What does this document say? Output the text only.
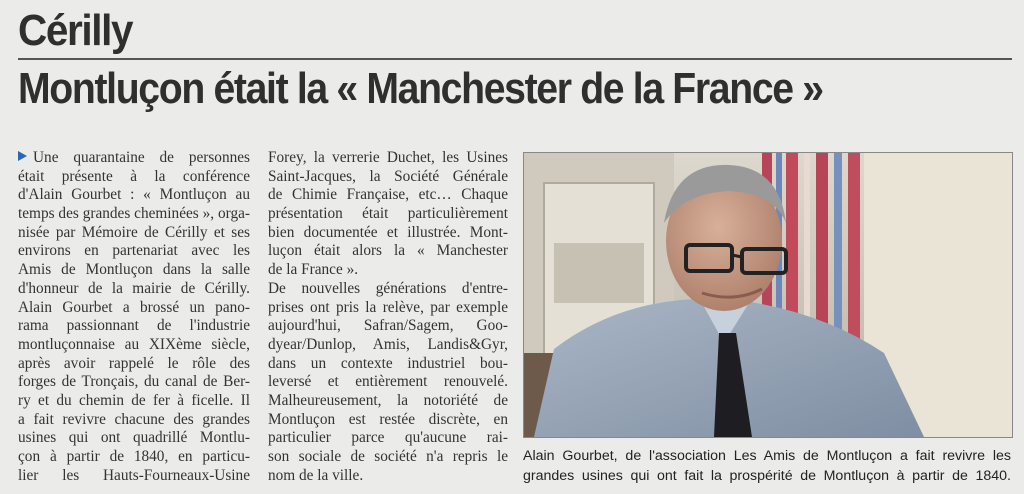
Cérilly
Montluçon était la « Manchester de la France »
Une quarantaine de personnes
était présente à la conférence
d'Alain Gourbet : « Montluçon au
temps des grandes cheminées », orga-
nisée par Mémoire de Cérilly et ses
environs en partenariat avec les
Amis de Montluçon dans la salle
d'honneur de la mairie de Cérilly.
Alain Gourbet a brossé un pano-
rama passionnant de l'industrie
montluçonnaise au XIXème siècle,
après avoir rappelé le rôle des
forges de Tronçais, du canal de Ber-
ry et du chemin de fer à ficelle. Il
a fait revivre chacune des grandes
usines qui ont quadrillé Montlu-
çon à partir de 1840, en particu-
lier les Hauts-Fourneaux-Usine
Forey, la verrerie Duchet, les Usines
Saint-Jacques, la Société Générale
de Chimie Française, etc… Chaque
présentation était particulièrement
bien documentée et illustrée. Mont-
luçon était alors la « Manchester
de la France ».
De nouvelles générations d'entre-
prises ont pris la relève, par exemple
aujourd'hui, Safran/Sagem, Goo-
dyear/Dunlop, Amis, Landis&Gyr,
dans un contexte industriel bou-
leversé et entièrement renouvelé.
Malheureusement, la notoriété de
Montluçon est restée discrète, en
particulier parce qu'aucune rai-
son sociale de société n'a repris le
nom de la ville.
Alain Gourbet, de l'association Les Amis de Montluçon a fait revivre les
grandes usines qui ont fait la prospérité de Montluçon à partir de 1840.
